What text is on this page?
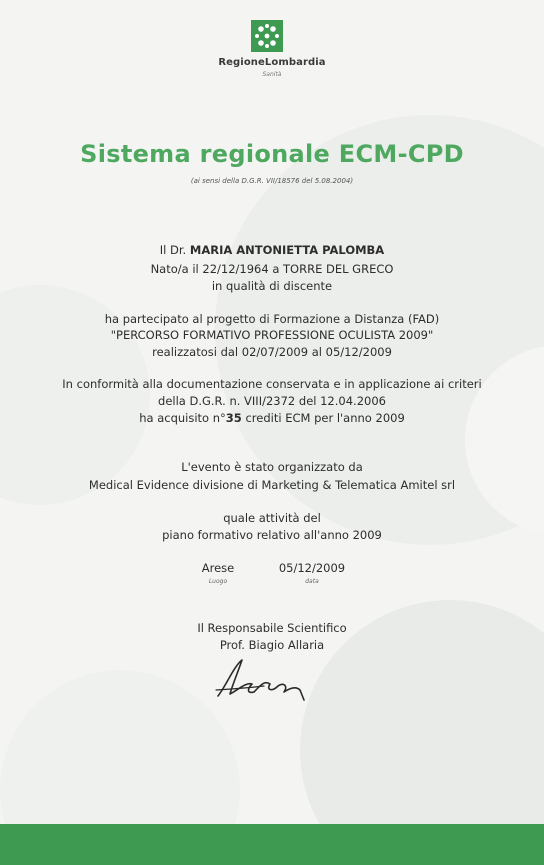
RegioneLombardia
Sanità
Sistema regionale ECM-CPD
(ai sensi della D.G.R. VII/18576 del 5.08.2004)
Il Dr. MARIA ANTONIETTA PALOMBA
Nato/a il 22/12/1964 a TORRE DEL GRECO
in qualità di discente
ha partecipato al progetto di Formazione a Distanza (FAD)
"PERCORSO FORMATIVO PROFESSIONE OCULISTA 2009"
realizzatosi dal 02/07/2009 al 05/12/2009
In conformità alla documentazione conservata e in applicazione ai criteri
della D.G.R. n. VIII/2372 del 12.04.2006
ha acquisito n°35 crediti ECM per l'anno 2009
L'evento è stato organizzato da
Medical Evidence divisione di Marketing & Telematica Amitel srl
quale attività del
piano formativo relativo all'anno 2009
Arese
Luogo
05/12/2009
data
Il Responsabile Scientifico
Prof. Biagio Allaria
